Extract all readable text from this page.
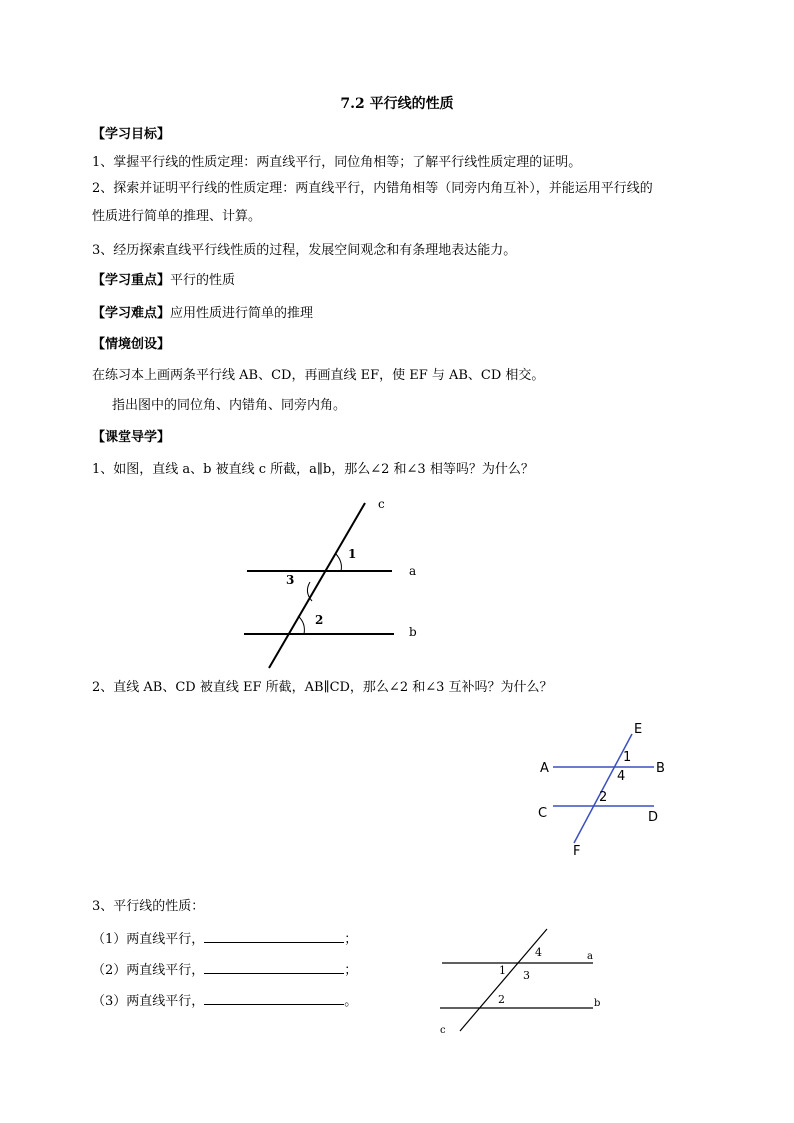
7.2 平行线的性质
【学习目标】
1、掌握平行线的性质定理：两直线平行，同位角相等；了解平行线性质定理的证明。
2、探索并证明平行线的性质定理：两直线平行，内错角相等（同旁内角互补），并能运用平行线的
性质进行简单的推理、计算。
3、经历探索直线平行线性质的过程，发展空间观念和有条理地表达能力。
【学习重点】平行的性质
【学习难点】应用性质进行简单的推理
【情境创设】
在练习本上画两条平行线 AB、CD，再画直线 EF，使 EF 与 AB、CD 相交。
指出图中的同位角、内错角、同旁内角。
【课堂导学】
1、如图，直线 a、b 被直线 c 所截，a∥b，那么∠2 和∠3 相等吗？为什么？
2、直线 AB、CD 被直线 EF 所截，AB∥CD，那么∠2 和∠3 互补吗？为什么？
3、平行线的性质：
（1）两直线平行，	；
（2）两直线平行，	；
（3）两直线平行，	。
c
a
b
1
3
2
E
A	B
C	D
F
1
4
2
a
b
c
4
1 3
2
